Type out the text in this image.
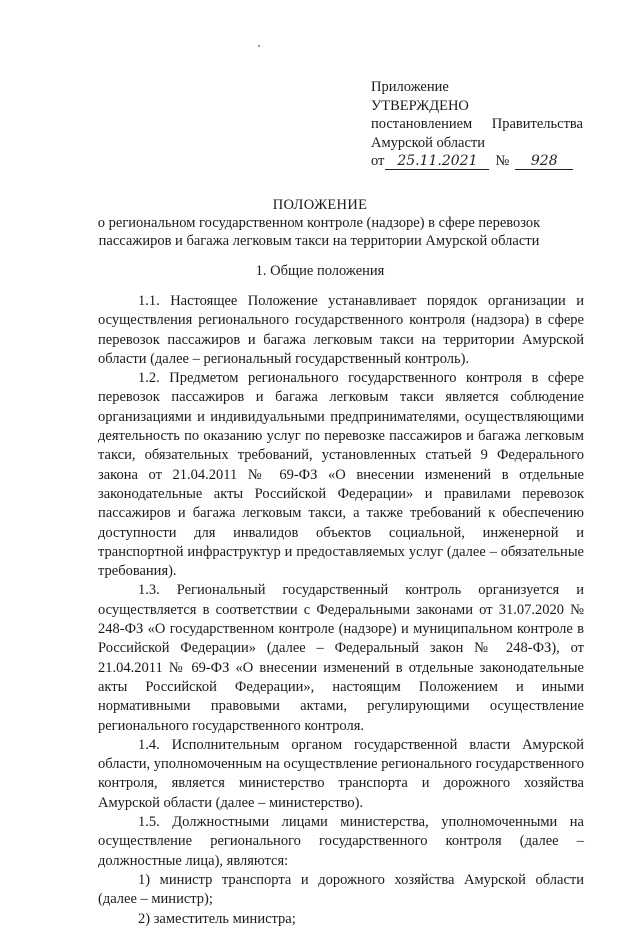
Приложение
УТВЕРЖДЕНО
постановлением Правительства
Амурской области
от 25.11.2021	№	928
ПОЛОЖЕНИЕ
о региональном государственном контроле (надзоре) в сфере перевозок пассажиров и багажа легковым такси на территории Амурской области
1. Общие положения

1.1. Настоящее Положение устанавливает порядок организации и осуществления регионального государственного контроля (надзора) в сфере перевозок пассажиров и багажа легковым такси на территории Амурской области (далее – региональный государственный контроль).

1.2. Предметом регионального государственного контроля в сфере перевозок пассажиров и багажа легковым такси является соблюдение организациями и индивидуальными предпринимателями, осуществляющими деятельность по оказанию услуг по перевозке пассажиров и багажа легковым такси, обязательных требований, установленных статьей 9 Федерального закона от 21.04.2011 № 69-ФЗ «О внесении изменений в отдельные законодательные акты Российской Федерации» и правилами перевозок пассажиров и багажа легковым такси, а также требований к обеспечению доступности для инвалидов объектов социальной, инженерной и транспортной инфраструктур и предоставляемых услуг (далее – обязательные требования).

1.3. Региональный государственный контроль организуется и осуществляется в соответствии с Федеральными законами от 31.07.2020 № 248-ФЗ «О государственном контроле (надзоре) и муниципальном контроле в Российской Федерации» (далее – Федеральный закон № 248-ФЗ), от 21.04.2011 № 69-ФЗ «О внесении изменений в отдельные законодательные акты Российской Федерации», настоящим Положением и иными нормативными правовыми актами, регулирующими осуществление регионального государственного контроля.

1.4. Исполнительным органом государственной власти Амурской области, уполномоченным на осуществление регионального государственного контроля, является министерство транспорта и дорожного хозяйства Амурской области (далее – министерство).

1.5. Должностными лицами министерства, уполномоченными на осуществление регионального государственного контроля (далее – должностные лица), являются:

1) министр транспорта и дорожного хозяйства Амурской области (далее – министр);

2) заместитель министра;
